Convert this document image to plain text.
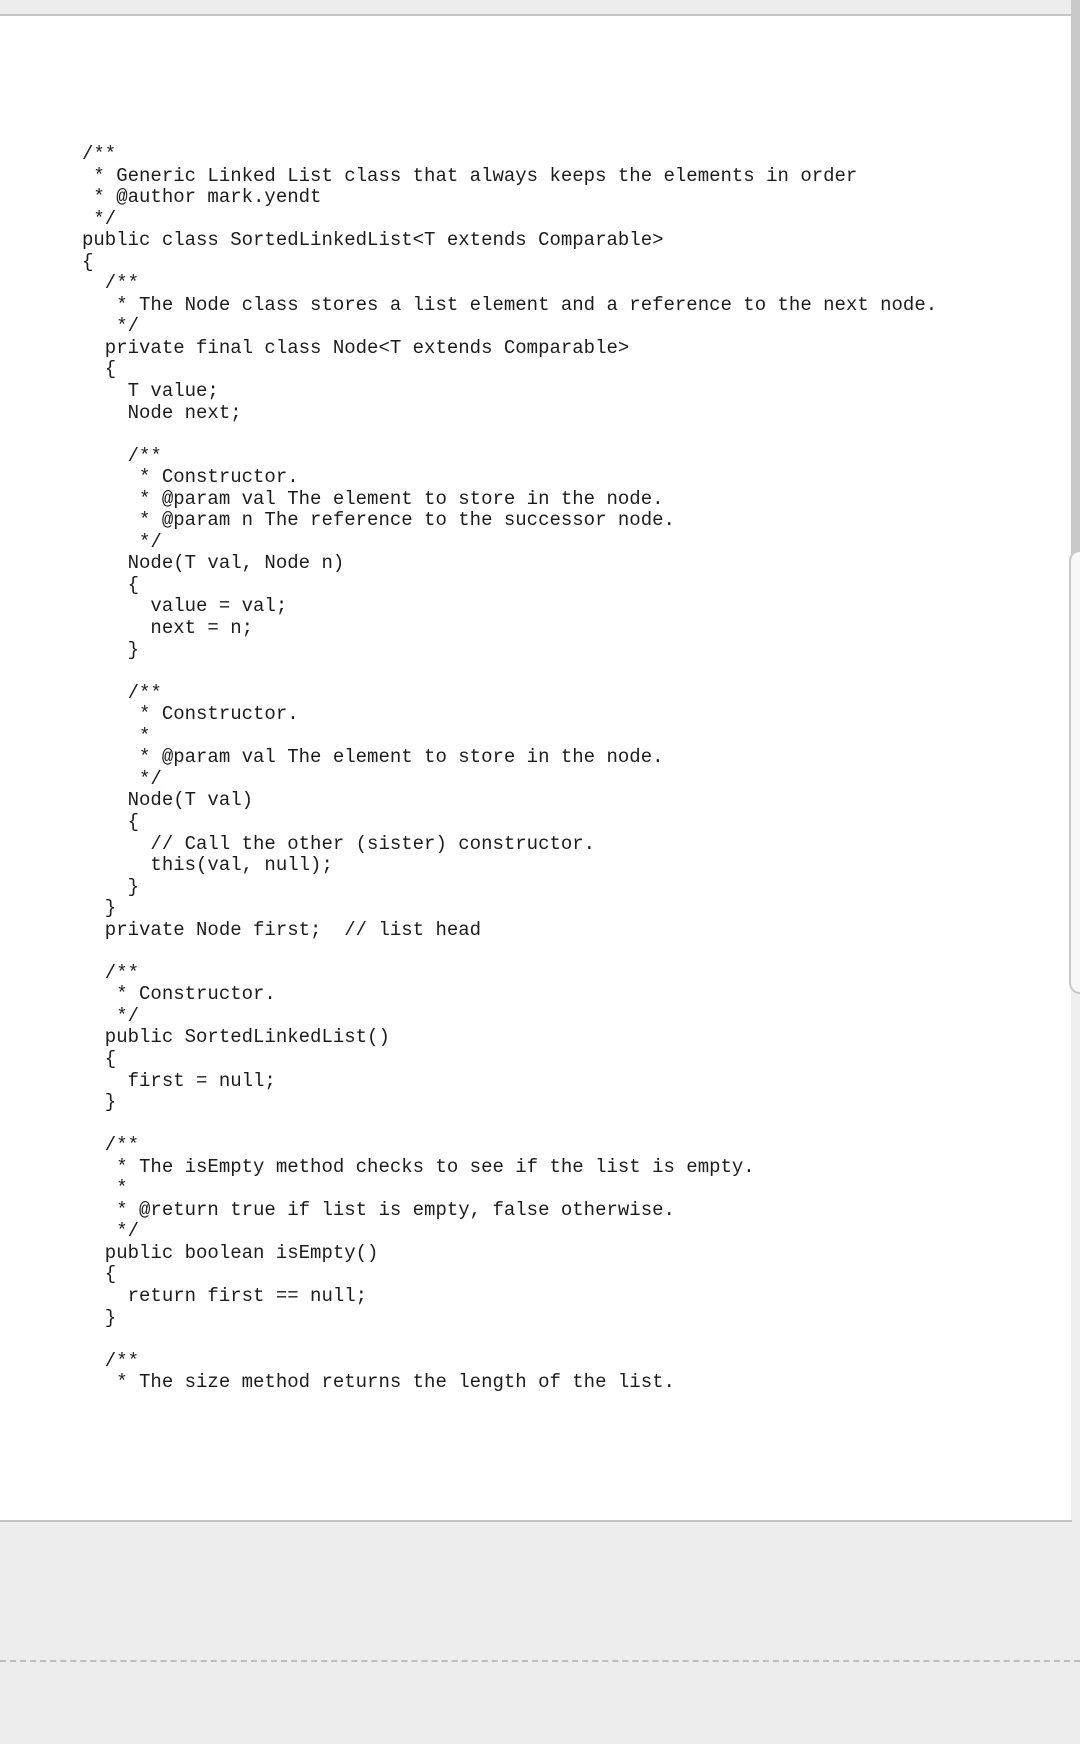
/**
* Generic Linked List class that always keeps the elements in order
* @author mark.yendt
*/
public class SortedLinkedList<T extends Comparable>
{
/**
* The Node class stores a list element and a reference to the next node.
*/
private final class Node<T extends Comparable>
{
T value;
Node next;
/**
* Constructor.
* @param val The element to store in the node.
* @param n The reference to the successor node.
*/
Node(T val, Node n)
{
value = val;
next = n;
}
/**
* Constructor.
*
* @param val The element to store in the node.
*/
Node(T val)
{
// Call the other (sister) constructor.
this(val, null);
}
}
private Node first;  // list head
/**
* Constructor.
*/
public SortedLinkedList()
{
first = null;
}
/**
* The isEmpty method checks to see if the list is empty.
*
* @return true if list is empty, false otherwise.
*/
public boolean isEmpty()
{
return first == null;
}
/**
* The size method returns the length of the list.
